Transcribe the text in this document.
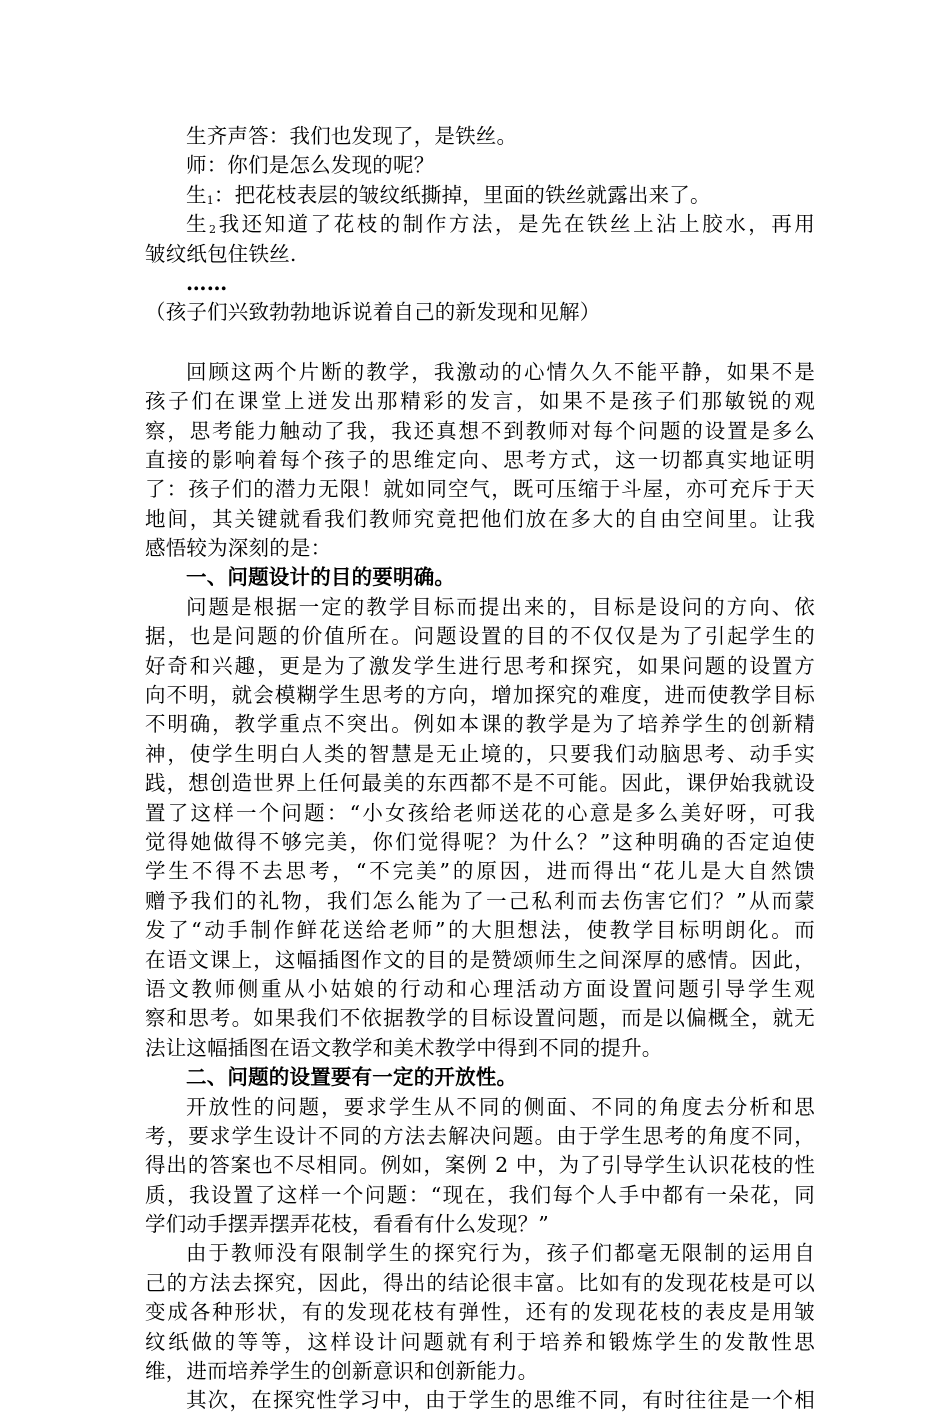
生齐声答：我们也发现了，是铁丝。
师：你们是怎么发现的呢？
生$_1$：把花枝表层的皱纹纸撕掉，里面的铁丝就露出来了。
生$_2$我还知道了花枝的制作方法，是先在铁丝上沾上胶水，再用
皱纹纸包住铁丝.
……
（孩子们兴致勃勃地诉说着自己的新发现和见解）
回顾这两个片断的教学，我激动的心情久久不能平静，如果不是
孩子们在课堂上迸发出那精彩的发言，如果不是孩子们那敏锐的观
察，思考能力触动了我，我还真想不到教师对每个问题的设置是多么
直接的影响着每个孩子的思维定向、思考方式，这一切都真实地证明
了：孩子们的潜力无限！就如同空气，既可压缩于斗屋，亦可充斥于天
地间，其关键就看我们教师究竟把他们放在多大的自由空间里。让我
感悟较为深刻的是：
一、问题设计的目的要明确。
问题是根据一定的教学目标而提出来的，目标是设问的方向、依
据，也是问题的价值所在。问题设置的目的不仅仅是为了引起学生的
好奇和兴趣，更是为了激发学生进行思考和探究，如果问题的设置方
向不明，就会模糊学生思考的方向，增加探究的难度，进而使教学目标
不明确，教学重点不突出。例如本课的教学是为了培养学生的创新精
神，使学生明白人类的智慧是无止境的，只要我们动脑思考、动手实
践，想创造世界上任何最美的东西都不是不可能。因此，课伊始我就设
置了这样一个问题：“小女孩给老师送花的心意是多么美好呀，可我
觉得她做得不够完美，你们觉得呢？为什么？”这种明确的否定迫使
学生不得不去思考，“不完美”的原因，进而得出“花儿是大自然馈
赠予我们的礼物，我们怎么能为了一己私利而去伤害它们？”从而蒙
发了“动手制作鲜花送给老师”的大胆想法，使教学目标明朗化。而
在语文课上，这幅插图作文的目的是赞颂师生之间深厚的感情。因此，
语文教师侧重从小姑娘的行动和心理活动方面设置问题引导学生观
察和思考。如果我们不依据教学的目标设置问题，而是以偏概全，就无
法让这幅插图在语文教学和美术教学中得到不同的提升。
二、问题的设置要有一定的开放性。
开放性的问题，要求学生从不同的侧面、不同的角度去分析和思
考，要求学生设计不同的方法去解决问题。由于学生思考的角度不同，
得出的答案也不尽相同。例如，案例 2 中，为了引导学生认识花枝的性
质，我设置了这样一个问题：“现在，我们每个人手中都有一朵花，同
学们动手摆弄摆弄花枝，看看有什么发现？”
由于教师没有限制学生的探究行为，孩子们都毫无限制的运用自
己的方法去探究，因此，得出的结论很丰富。比如有的发现花枝是可以
变成各种形状，有的发现花枝有弹性，还有的发现花枝的表皮是用皱
纹纸做的等等，这样设计问题就有利于培养和锻炼学生的发散性思
维，进而培养学生的创新意识和创新能力。
其次，在探究性学习中，由于学生的思维不同，有时往往是一个相
